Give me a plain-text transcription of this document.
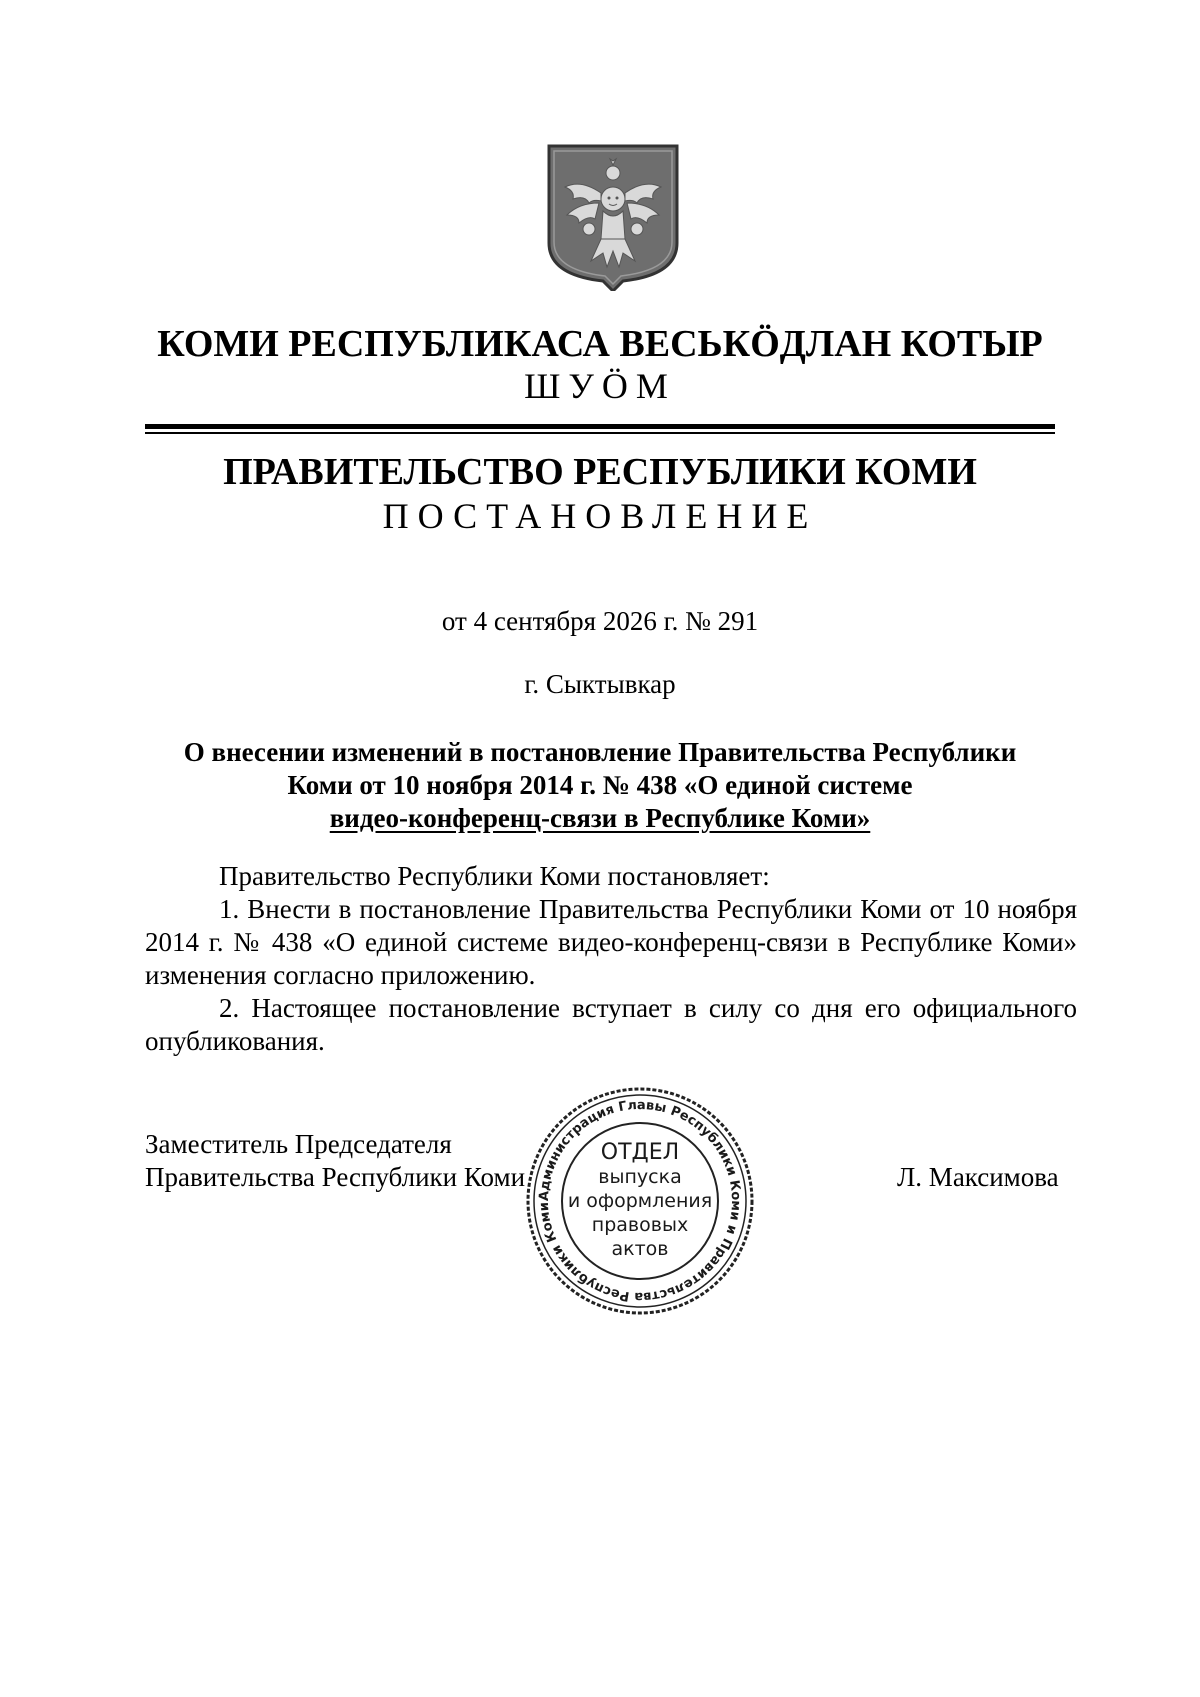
КОМИ РЕСПУБЛИКАСА ВЕСЬКӦДЛАН КОТЫР
ШУӦМ
ПРАВИТЕЛЬСТВО РЕСПУБЛИКИ КОМИ
ПОСТАНОВЛЕНИЕ
от 4 сентября 2026 г. № 291
г. Сыктывкар
О внесении изменений в постановление Правительства Республики
Коми от 10 ноября 2014 г. № 438 «О единой системе
видео-конференц-связи в Республике Коми»

Правительство Республики Коми постановляет:

1. Внести в постановление Правительства Республики Коми от 10 ноября 2014 г. № 438 «О единой системе видео-конференц-связи в Республике Коми» изменения согласно приложению.

2. Настоящее постановление вступает в силу со дня его официального опубликования.

Заместитель Председателя
Правительства Республики Коми	Л. Максимова
Администрация Главы Республики Коми и Правительства Республики Коми •
ОТДЕЛ
выпуска
и оформления
правовых
актов
